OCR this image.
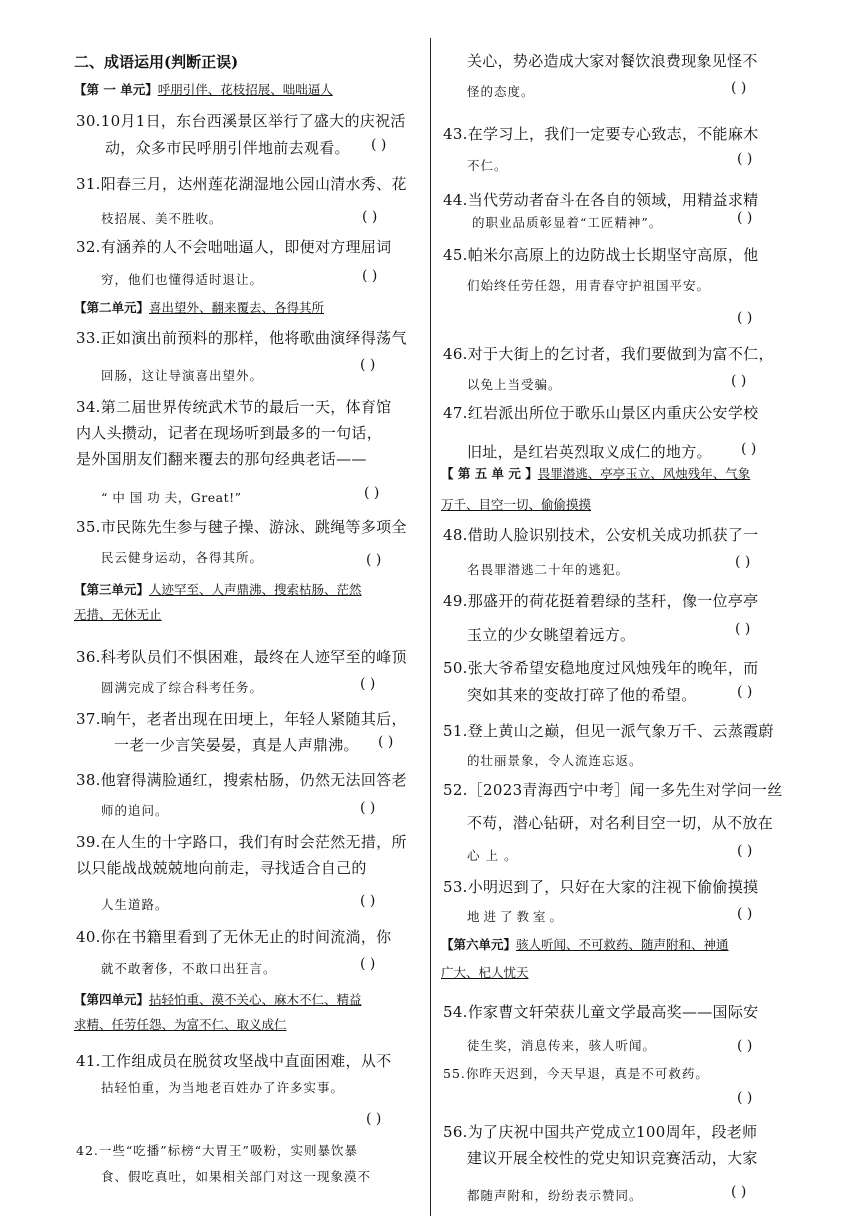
二、成语运用(判断正误)
【第 一 单元】呼朋引伴、花枝招展、咄咄逼人
30.10月1日，东台西溪景区举行了盛大的庆祝活
动，众多市民呼朋引伴地前去观看。 ( )
31.阳春三月，达州莲花湖湿地公园山清水秀、花
枝招展、美不胜收。	( )
32.有涵养的人不会咄咄逼人，即便对方理屈词
穷，他们也懂得适时退让。	( )
【第二单元】喜出望外、翻来覆去、各得其所
33.正如演出前预料的那样，他将歌曲演绎得荡气
( )
回肠，这让导演喜出望外。
34.第二届世界传统武术节的最后一天，体育馆
内人头攒动，记者在现场听到最多的一句话，
是外国朋友们翻来覆去的那句经典老话——
“ 中 国 功 夫，Great!”	( )
35.市民陈先生参与毽子操、游泳、跳绳等多项全
民云健身运动，各得其所。	( )
【第三单元】人迹罕至、人声鼎沸、搜索枯肠、茫然
无措、无休无止
36.科考队员们不惧困难，最终在人迹罕至的峰顶
圆满完成了综合科考任务。	( )
37.晌午，老者出现在田埂上，年轻人紧随其后，
一老一少言笑晏晏，真是人声鼎沸。 ( )
38.他窘得满脸通红，搜索枯肠，仍然无法回答老
师的追问。	( )
39.在人生的十字路口，我们有时会茫然无措，所
以只能战战兢兢地向前走，寻找适合自己的
人生道路。	( )
40.你在书籍里看到了无休无止的时间流淌，你
就不敢奢侈，不敢口出狂言。	( )
【第四单元】拈轻怕重、漠不关心、麻木不仁、精益
求精、任劳任怨、为富不仁、取义成仁
41.工作组成员在脱贫攻坚战中直面困难，从不
拈轻怕重，为当地老百姓办了许多实事。
( )
42.一些“吃播”标榜“大胃王”吸粉，实则暴饮暴
食、假吃真吐，如果相关部门对这一现象漠不
关心，势必造成大家对餐饮浪费现象见怪不
怪的态度。	( )
43.在学习上，我们一定要专心致志，不能麻木
不仁。	( )
44.当代劳动者奋斗在各自的领域，用精益求精
的职业品质彰显着“工匠精神”。	( )
45.帕米尔高原上的边防战士长期坚守高原，他
们始终任劳任怨，用青春守护祖国平安。
( )
46.对于大街上的乞讨者，我们要做到为富不仁，
以免上当受骗。	( )
47.红岩派出所位于歌乐山景区内重庆公安学校
旧址，是红岩英烈取义成仁的地方。 ( )
【 第 五 单 元 】畏罪潜逃、亭亭玉立、风烛残年、气象
万千、目空一切、偷偷摸摸
48.借助人脸识别技术，公安机关成功抓获了一
名畏罪潜逃二十年的逃犯。	( )
49.那盛开的荷花挺着碧绿的茎秆，像一位亭亭
玉立的少女眺望着远方。	( )
50.张大爷希望安稳地度过风烛残年的晚年，而
突如其来的变故打碎了他的希望。	( )
51.登上黄山之巅，但见一派气象万千、云蒸霞蔚
的壮丽景象，令人流连忘返。
52.［2023青海西宁中考］闻一多先生对学问一丝
不苟，潜心钻研，对名利目空一切，从不放在
心上。	( )
53.小明迟到了，只好在大家的注视下偷偷摸摸
地进了教室。	( )
【第六单元】骇人听闻、不可救药、随声附和、神通
广大、杞人忧天
54.作家曹文轩荣获儿童文学最高奖——国际安
徒生奖，消息传来，骇人听闻。	( )
55.你昨天迟到，今天早退，真是不可救药。
( )
56.为了庆祝中国共产党成立100周年，段老师
建议开展全校性的党史知识竞赛活动，大家
都随声附和，纷纷表示赞同。	( )
